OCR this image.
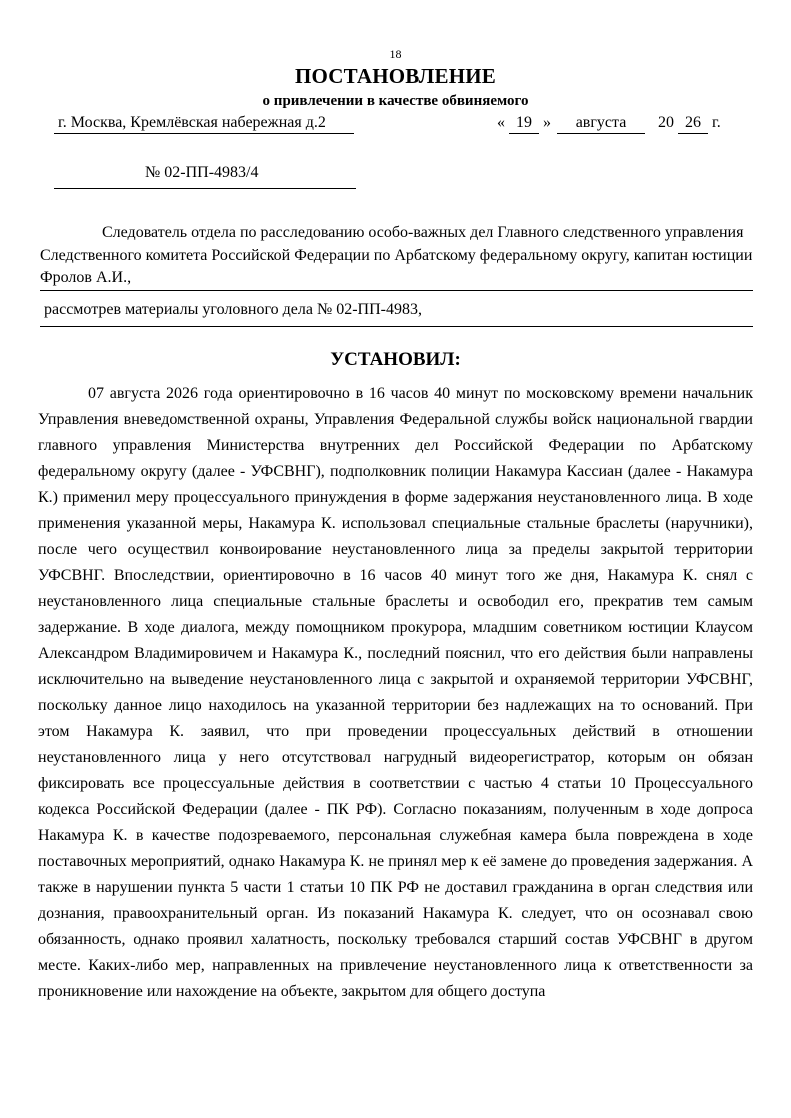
18
ПОСТАНОВЛЕНИЕ
о привлечении в качестве обвиняемого
г. Москва, Кремлёвская набережная д.2	« 19 »	августа	20 26 г.
№ 02-ПП-4983/4
Следователь отдела по расследованию особо-важных дел Главного следственного управления Следственного комитета Российской Федерации по Арбатскому федеральному округу, капитан юстиции Фролов А.И.,
рассмотрев материалы уголовного дела № 02-ПП-4983,
УСТАНОВИЛ:

07 августа 2026 года ориентировочно в 16 часов 40 минут по московскому времени начальник Управления вневедомственной охраны, Управления Федеральной службы войск национальной гвардии главного управления Министерства внутренних дел Российской Федерации по Арбатскому федеральному округу (далее - УФСВНГ), подполковник полиции Накамура Кассиан (далее - Накамура К.) применил меру процессуального принуждения в форме задержания неустановленного лица. В ходе применения указанной меры, Накамура К. использовал специальные стальные браслеты (наручники), после чего осуществил конвоирование неустановленного лица за пределы закрытой территории УФСВНГ. Впоследствии, ориентировочно в 16 часов 40 минут того же дня, Накамура К. снял с неустановленного лица специальные стальные браслеты и освободил его, прекратив тем самым задержание. В ходе диалога, между помощником прокурора, младшим советником юстиции Клаусом Александром Владимировичем и Накамура К., последний пояснил, что его действия были направлены исключительно на выведение неустановленного лица с закрытой и охраняемой территории УФСВНГ, поскольку данное лицо находилось на указанной территории без надлежащих на то оснований. При этом Накамура К. заявил, что при проведении процессуальных действий в отношении неустановленного лица у него отсутствовал нагрудный видеорегистратор, которым он обязан фиксировать все процессуальные действия в соответствии с частью 4 статьи 10 Процессуального кодекса Российской Федерации (далее - ПК РФ). Согласно показаниям, полученным в ходе допроса Накамура К. в качестве подозреваемого, персональная служебная камера была повреждена в ходе поставочных мероприятий, однако Накамура К. не принял мер к её замене до проведения задержания. А также в нарушении пункта 5 части 1 статьи 10 ПК РФ не доставил гражданина в орган следствия или дознания, правоохранительный орган. Из показаний Накамура К. следует, что он осознавал свою обязанность, однако проявил халатность, поскольку требовался старший состав УФСВНГ в другом месте. Каких-либо мер, направленных на привлечение неустановленного лица к ответственности за проникновение или нахождение на объекте, закрытом для общего доступа
